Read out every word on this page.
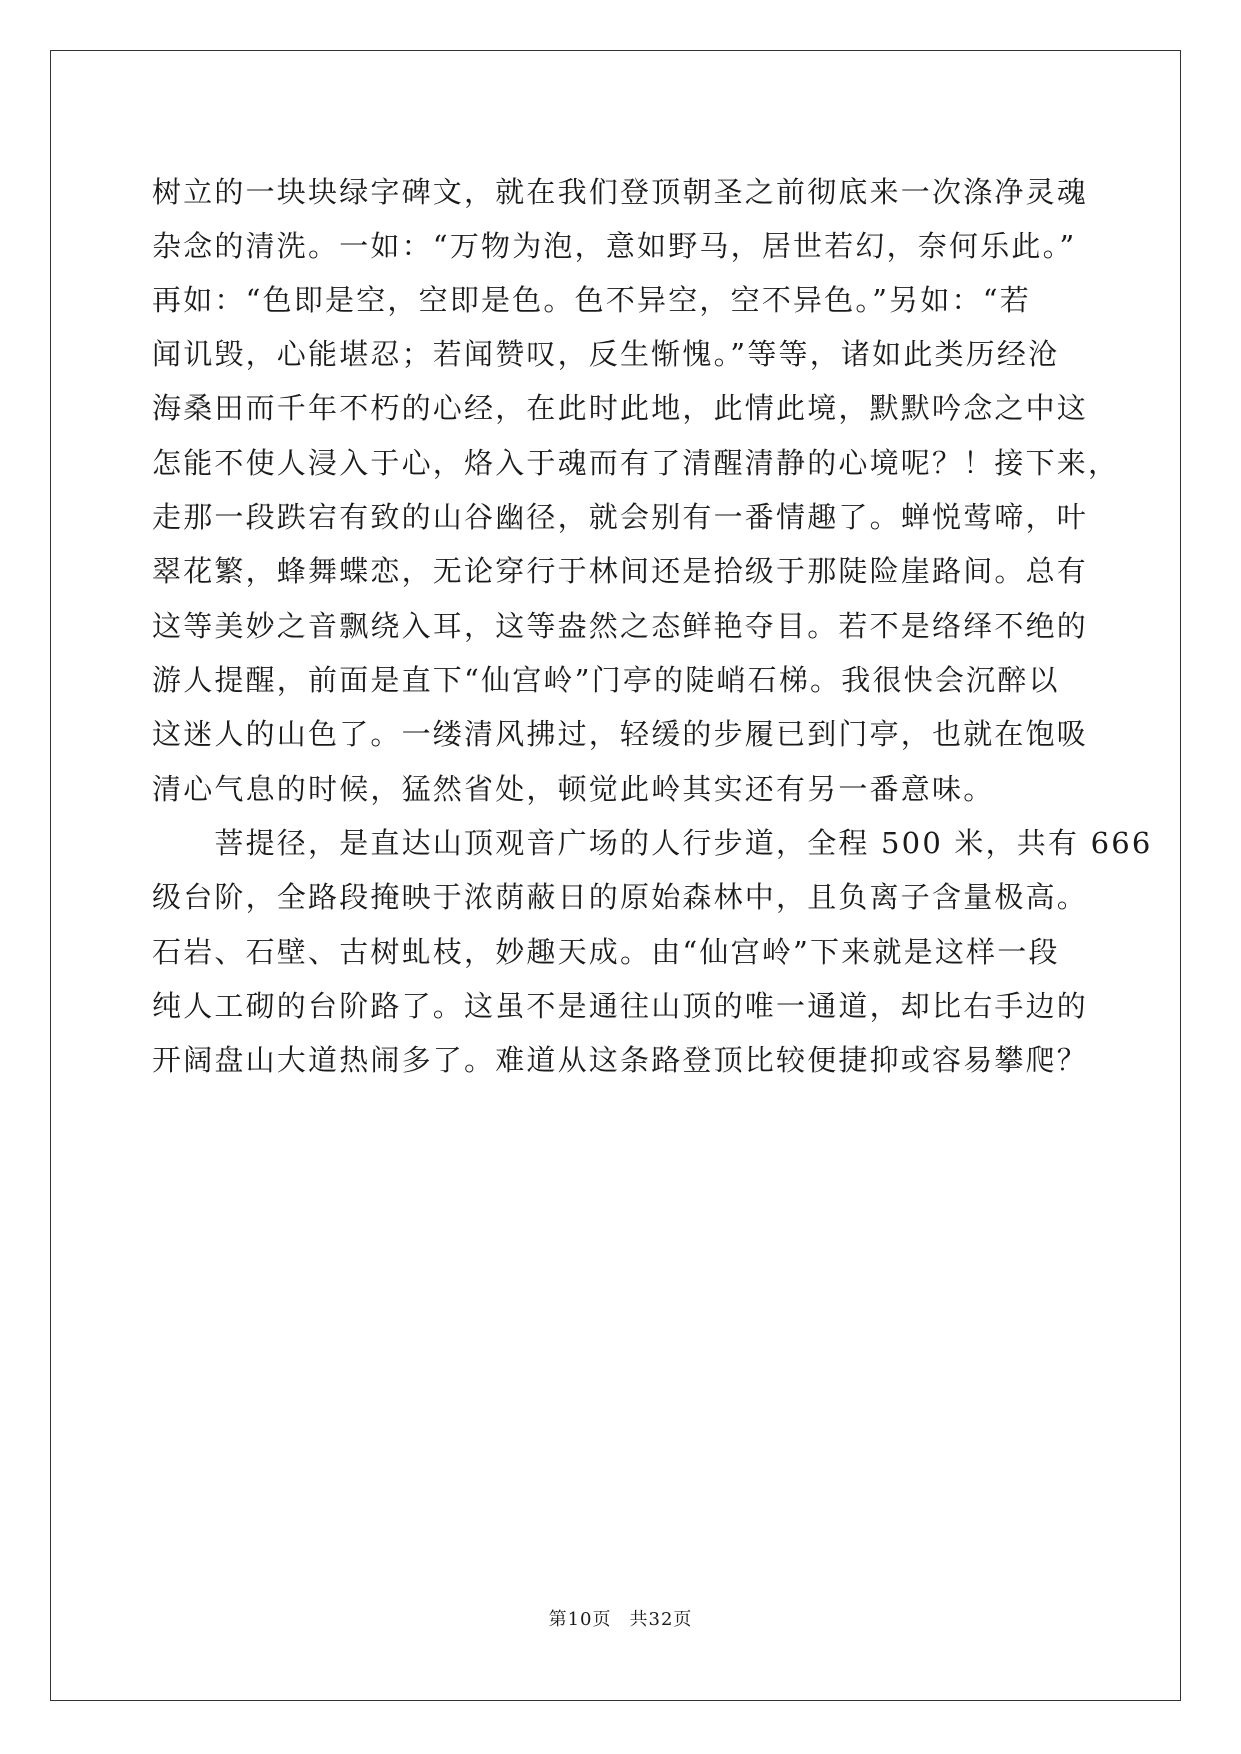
树立的一块块绿字碑文，就在我们登顶朝圣之前彻底来一次涤净灵魂
杂念的清洗。一如：“万物为泡，意如野马，居世若幻，奈何乐此。”
再如：“色即是空，空即是色。色不异空，空不异色。”另如：“若
闻讥毁，心能堪忍；若闻赞叹，反生惭愧。”等等，诸如此类历经沧
海桑田而千年不朽的心经，在此时此地，此情此境，默默吟念之中这
怎能不使人浸入于心，烙入于魂而有了清醒清静的心境呢？！接下来，
走那一段跌宕有致的山谷幽径，就会别有一番情趣了。蝉悦莺啼，叶
翠花繁，蜂舞蝶恋，无论穿行于林间还是拾级于那陡险崖路间。总有
这等美妙之音飘绕入耳，这等盎然之态鲜艳夺目。若不是络绎不绝的
游人提醒，前面是直下“仙宫岭”门亭的陡峭石梯。我很快会沉醉以
这迷人的山色了。一缕清风拂过，轻缓的步履已到门亭，也就在饱吸
清心气息的时候，猛然省处，顿觉此岭其实还有另一番意味。
　　菩提径，是直达山顶观音广场的人行步道，全程 500 米，共有 666
级台阶，全路段掩映于浓荫蔽日的原始森林中，且负离子含量极高。
石岩、石壁、古树虬枝，妙趣天成。由“仙宫岭”下来就是这样一段
纯人工砌的台阶路了。这虽不是通往山顶的唯一通道，却比右手边的
开阔盘山大道热闹多了。难道从这条路登顶比较便捷抑或容易攀爬？
第10页 共32页
